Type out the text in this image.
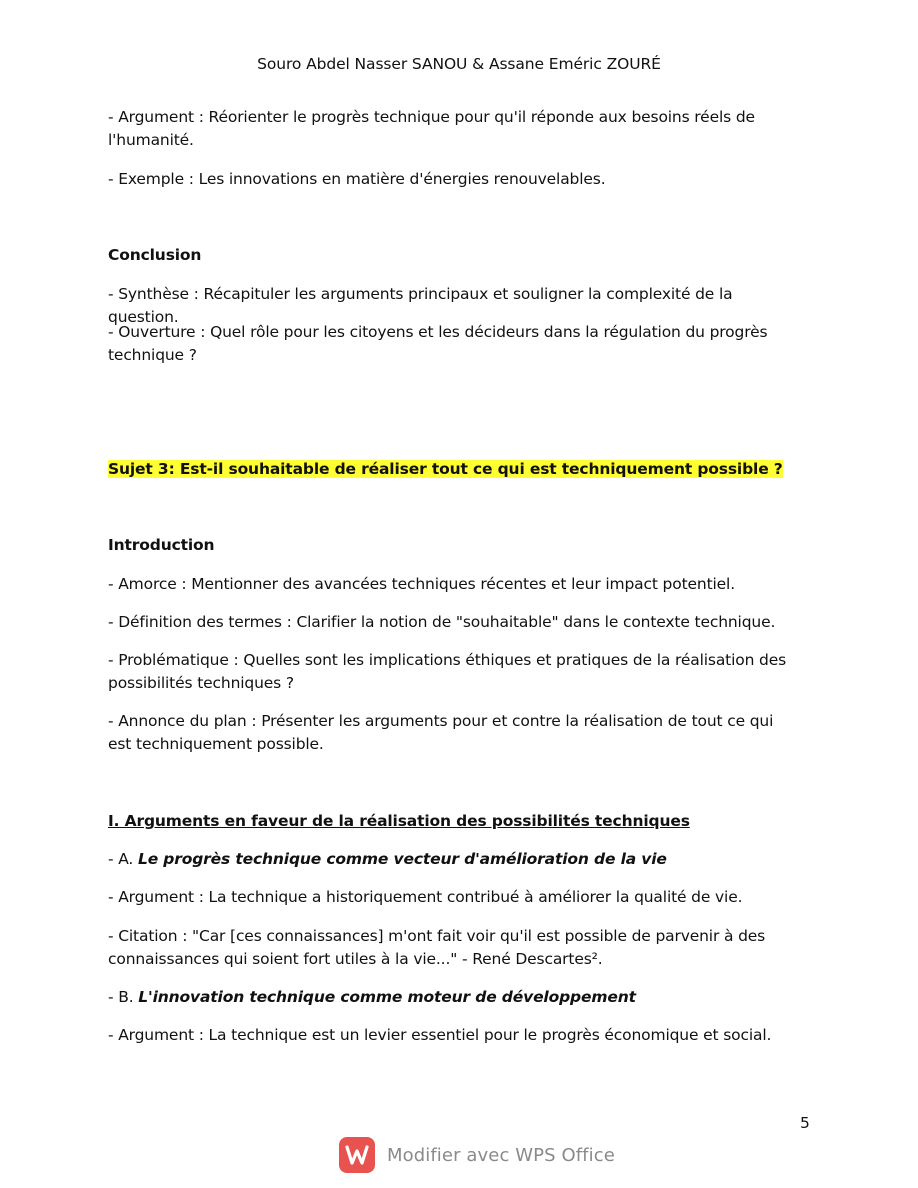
Souro Abdel Nasser SANOU & Assane Eméric ZOURÉ
- Argument : Réorienter le progrès technique pour qu'il réponde aux besoins réels de l'humanité.
- Exemple : Les innovations en matière d'énergies renouvelables.
Conclusion
- Synthèse : Récapituler les arguments principaux et souligner la complexité de la question.
- Ouverture : Quel rôle pour les citoyens et les décideurs dans la régulation du progrès technique ?
Sujet 3: Est-il souhaitable de réaliser tout ce qui est techniquement possible ?
Introduction
- Amorce : Mentionner des avancées techniques récentes et leur impact potentiel.
- Définition des termes : Clarifier la notion de "souhaitable" dans le contexte technique.
- Problématique : Quelles sont les implications éthiques et pratiques de la réalisation des possibilités techniques ?
- Annonce du plan : Présenter les arguments pour et contre la réalisation de tout ce qui est techniquement possible.
I. Arguments en faveur de la réalisation des possibilités techniques
- A. Le progrès technique comme vecteur d'amélioration de la vie
- Argument : La technique a historiquement contribué à améliorer la qualité de vie.
- Citation : "Car [ces connaissances] m'ont fait voir qu'il est possible de parvenir à des connaissances qui soient fort utiles à la vie..." - René Descartes².
- B. L'innovation technique comme moteur de développement
- Argument : La technique est un levier essentiel pour le progrès économique et social.
5
Modifier avec WPS Office
